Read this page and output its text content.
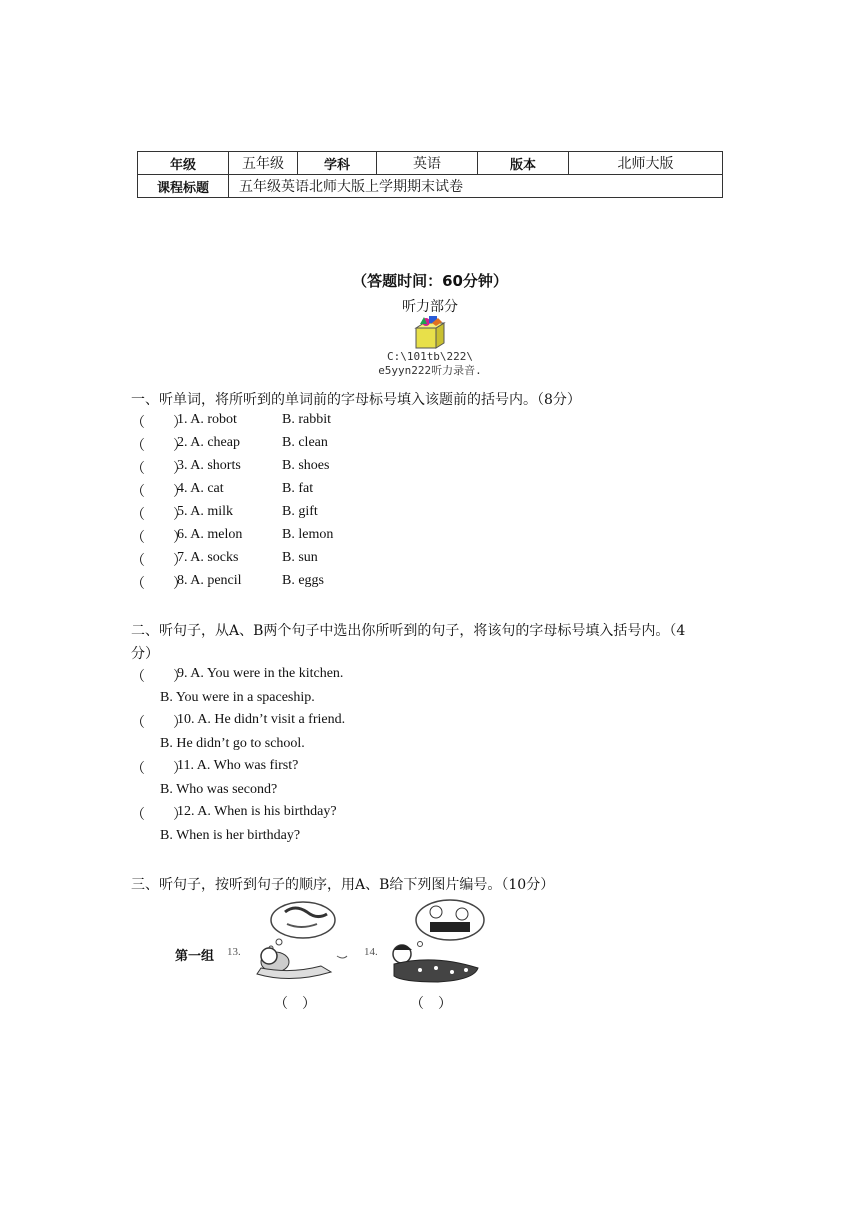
年级	五年级	学科	英语	版本	北师大版
课程标题	五年级英语北师大版上学期期末试卷				
（答题时间：60分钟）
听力部分
C:\101tb\222\
e5yyn222听力录音.
一、听单词，将所听到的单词前的字母标号填入该题前的括号内。（8分）
（　　）
1. A. robot	B. rabbit
（　　）
2. A. cheap	B. clean
（　　）
3. A. shorts	B. shoes
（　　）
4. A. cat	B. fat
（　　）
5. A. milk	B. gift
（　　）
6. A. melon	B. lemon
（　　）
7. A. socks	B. sun
（　　）
8. A. pencil	B. eggs
二、听句子，从A、B两个句子中选出你所听到的句子，将该句的字母标号填入括号内。（4
分）
（　　）
9. A. You were in the kitchen.
B. You were in a spaceship.
（　　）
10. A. He didn’t visit a friend.
B. He didn’t go to school.
（　　）
11. A. Who was first?
B. Who was second?
（　　）
12. A. When is his birthday?
B. When is her birthday?
三、听句子，按听到句子的顺序，用A、B给下列图片编号。（10分）
第一组 13.	14.
（　）	（　）
